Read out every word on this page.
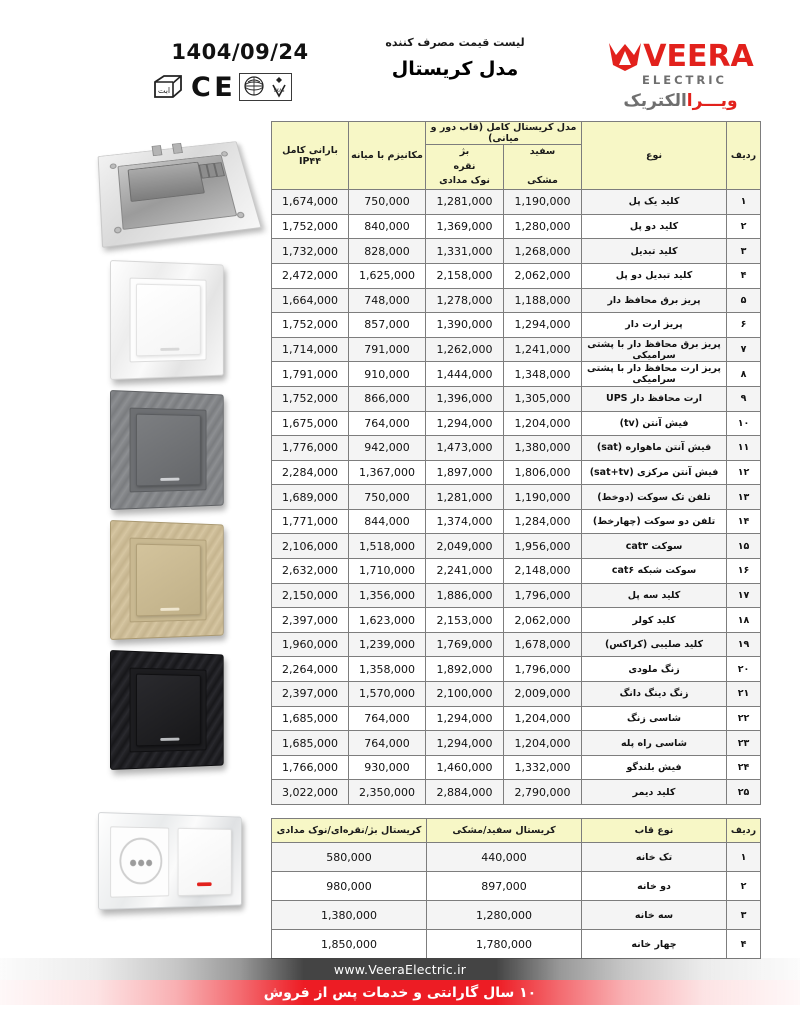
1404/09/24
ابت C E	UKAS
لیست قیمت مصرف کننده
مدل کریستال	VEERA
ELECTRIC
ویـــراالکتریک
ردیف	نوع	مدل کریستال کامل (قاب دور و میانی)		مکانیزم با میانه	بارانی کامل
IP۴۴
		سفید

مشکی	بژ
نقره
نوک مدادی		
۱	کلید یک پل	1,190,000	1,281,000	750,000	1,674,000
۲	کلید دو پل	1,280,000	1,369,000	840,000	1,752,000
۳	کلید تبدیل	1,268,000	1,331,000	828,000	1,732,000
۴	کلید تبدیل دو پل	2,062,000	2,158,000	1,625,000	2,472,000
۵	پریز برق محافظ دار	1,188,000	1,278,000	748,000	1,664,000
۶	پریز ارت دار	1,294,000	1,390,000	857,000	1,752,000
۷	پریز برق محافظ دار با پشتی سرامیکی	1,241,000	1,262,000	791,000	1,714,000
۸	پریز ارت محافظ دار با پشتی سرامیکی	1,348,000	1,444,000	910,000	1,791,000
۹	ارت محافظ دار UPS	1,305,000	1,396,000	866,000	1,752,000
۱۰	فیش آنتن (tv)	1,204,000	1,294,000	764,000	1,675,000
۱۱	فیش آنتن ماهواره (sat)	1,380,000	1,473,000	942,000	1,776,000
۱۲	فیش آنتن مرکزی (sat+tv)	1,806,000	1,897,000	1,367,000	2,284,000
۱۳	تلفن تک سوکت (دوخط)	1,190,000	1,281,000	750,000	1,689,000
۱۴	تلفن دو سوکت (چهارخط)	1,284,000	1,374,000	844,000	1,771,000
۱۵	سوکت cat۳	1,956,000	2,049,000	1,518,000	2,106,000
۱۶	سوکت شبکه cat۶	2,148,000	2,241,000	1,710,000	2,632,000
۱۷	کلید سه پل	1,796,000	1,886,000	1,356,000	2,150,000
۱۸	کلید کولر	2,062,000	2,153,000	1,623,000	2,397,000
۱۹	کلید صلیبی (کراکس)	1,678,000	1,769,000	1,239,000	1,960,000
۲۰	زنگ ملودی	1,796,000	1,892,000	1,358,000	2,264,000
۲۱	زنگ دینگ دانگ	2,009,000	2,100,000	1,570,000	2,397,000
۲۲	شاسی زنگ	1,204,000	1,294,000	764,000	1,685,000
۲۳	شاسی راه پله	1,204,000	1,294,000	764,000	1,685,000
۲۴	فیش بلندگو	1,332,000	1,460,000	930,000	1,766,000
۲۵	کلید دیمر	2,790,000	2,884,000	2,350,000	3,022,000
ردیف	نوع قاب	کریستال سفید/مشکی	کریستال بژ/نقره‌ای/نوک مدادی
۱	تک خانه	440,000	580,000
۲	دو خانه	897,000	980,000
۳	سه خانه	1,280,000	1,380,000
۴	چهار خانه	1,780,000	1,850,000
www.VeeraElectric.ir
۱۰ سال گارانتی و خدمات پس از فروش
